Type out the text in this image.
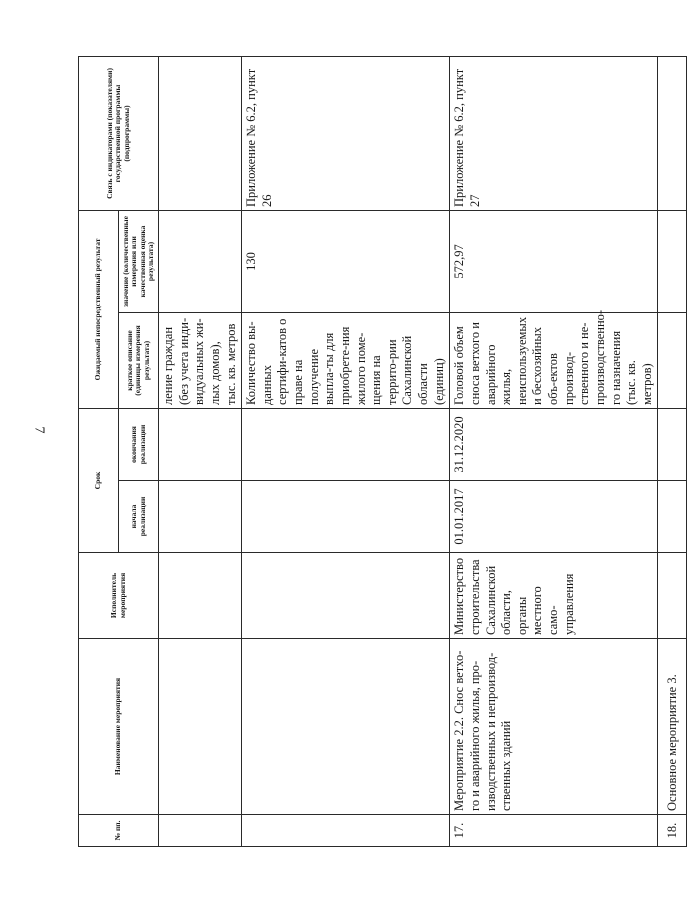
7
№ пп.	Наименование мероприятия	Исполнитель мероприятия	Срок		Ожидаемый непосредственный результат		Связь с индикаторами (показателями) государственной программы (подпрограммы)
			начала реализации	окончания реализации	краткое описание (единицы измерения результата)	значение (количественные измерения или качественная оценка результата)	
					ление граждан (без учета инди-видуальных жи-лых домов), тыс. кв. метров		
					Количество вы-данных сертифи-катов о праве на получение выпла-ты для приобрете-ния жилого поме-щения на террито-рии Сахалинской области (единиц)	130	Приложение № 6.2, пункт 26
17.	Мероприятие 2.2. Снос ветхо-го и аварийного жилья, про-изводственных и непроизвод-ственных зданий	Министерство строительства Сахалинской области, органы местного само-управления	01.01.2017	31.12.2020	Головой объем сноса ветхого и аварийного жилья, неиспользуемых и бесхозяйных объ-ектов производ-ственного и не-производственно-го назначения (тыс. кв. метров)	572,97	Приложение № 6.2, пункт 27
18.	Основное мероприятие 3.						
